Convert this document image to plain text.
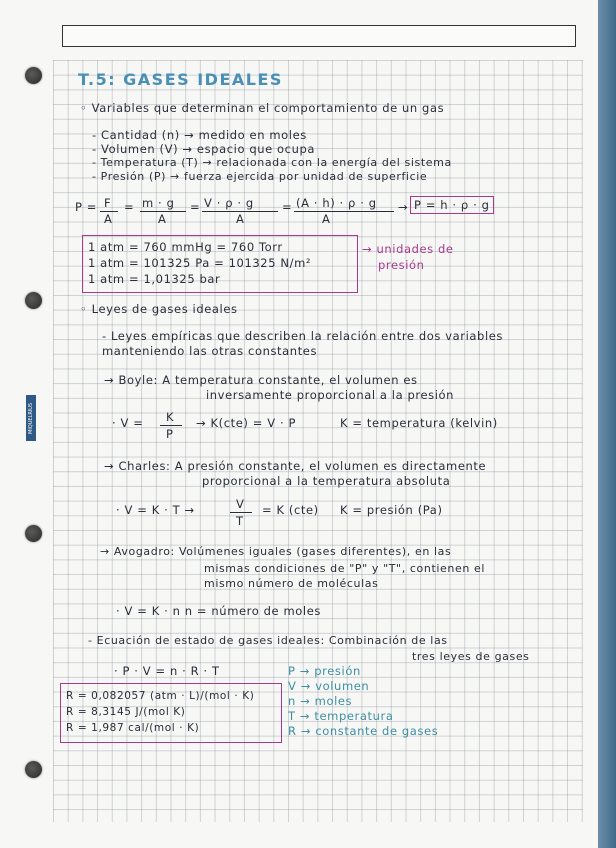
MIQUELRIUS
T.5: GASES IDEALES
◦ Variables que determinan el comportamiento de un gas
- Cantidad (n) → medido en moles
- Volumen (V) → espacio que ocupa
- Temperatura (T) → relacionada con la energía del sistema
- Presión (P) → fuerza ejercida por unidad de superficie
P = F
A
= m · g
A
= V · ρ · g
A
= (A · h) · ρ · g
A
→ P = h · ρ · g
1 atm = 760 mmHg = 760 Torr
1 atm = 101325 Pa = 101325 N/m²
1 atm = 1,01325 bar
→ unidades de
presión
◦ Leyes de gases ideales
- Leyes empíricas que describen la relación entre dos variables
manteniendo las otras constantes
→ Boyle: A temperatura constante, el volumen es
inversamente proporcional a la presión
· V = K
P
→ K(cte) = V · P	K = temperatura (kelvin)
→ Charles: A presión constante, el volumen es directamente
proporcional a la temperatura absoluta
· V = K · T →	V
T
= K (cte) K = presión (Pa)
→ Avogadro: Volúmenes iguales (gases diferentes), en las
mismas condiciones de "P" y "T", contienen el
mismo número de moléculas
· V = K · n n = número de moles
- Ecuación de estado de gases ideales: Combinación de las
tres leyes de gases
· P · V = n · R · T
R = 0,082057 (atm · L)/(mol · K)
R = 8,3145 J/(mol K)
R = 1,987 cal/(mol · K)
P → presión
V → volumen
n → moles
T → temperatura
R → constante de gases
